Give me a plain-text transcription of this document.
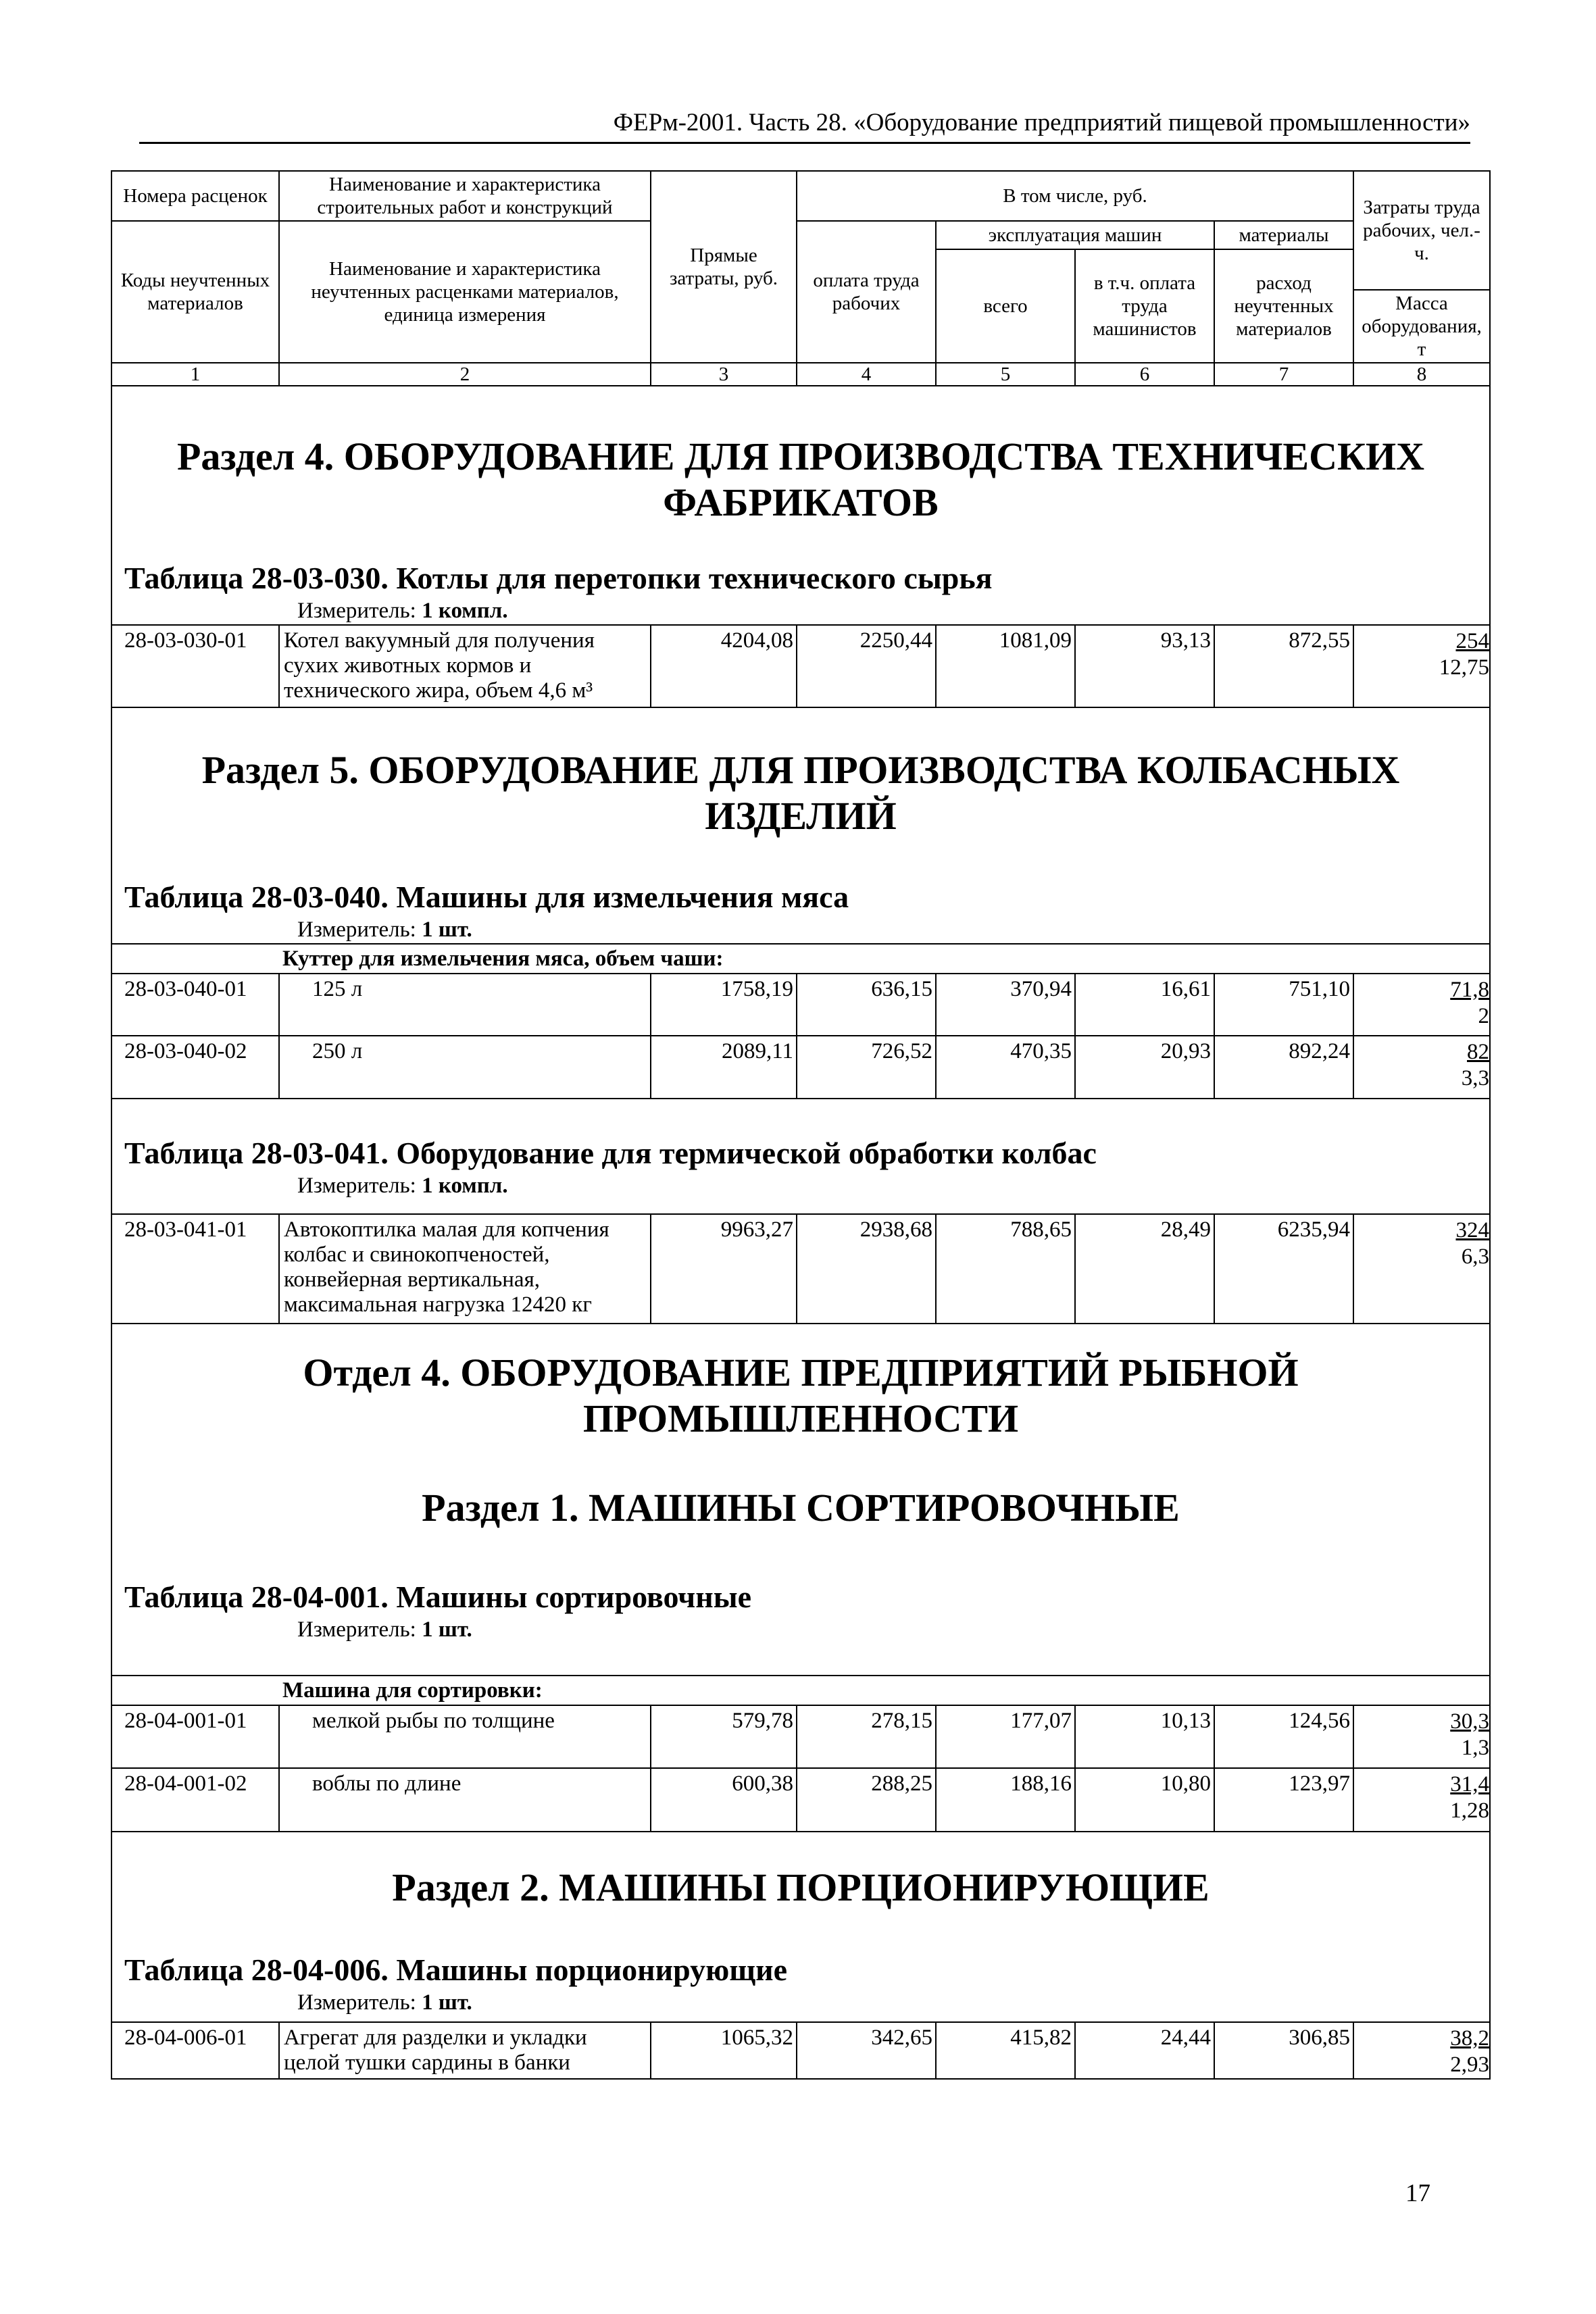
ФЕРм-2001. Часть 28. «Оборудование предприятий пищевой промышленности»
Номера расценок	Наименование и характеристика строительных работ и конструкций	Прямые затраты, руб.	В том числе, руб.				Затраты труда рабочих, чел.-ч.
Коды неучтенных материалов	Наименование и характеристика неучтенных расценками материалов, единица измерения		оплата труда рабочих	эксплуатация машин		материалы	
				всего	в т.ч. оплата труда машинистов	расход неучтенных материалов	
							Масса оборудования, т
1	2	3	4	5	6	7	8

Раздел 4. ОБОРУДОВАНИЕ ДЛЯ ПРОИЗВОДСТВА ТЕХНИЧЕСКИХ ФАБРИКАТОВ
Таблица 28-03-030. Котлы для перетопки технического сырья
Измеритель: 1 компл.							

28-03-030-01	Котел вакуумный для получения сухих животных кормов и технического жира, объем 4,6 м³	4204,08	2250,44	1081,09	93,13	872,55	254
12,75

Раздел 5. ОБОРУДОВАНИЕ ДЛЯ ПРОИЗВОДСТВА КОЛБАСНЫХ ИЗДЕЛИЙ
Таблица 28-03-040. Машины для измельчения мяса
Измеритель: 1 шт.							

Куттер для измельчения мяса, объем чаши:							
28-03-040-01	125 л	1758,19	636,15	370,94	16,61	751,10	71,8
2
28-03-040-02	250 л	2089,11	726,52	470,35	20,93	892,24	82
3,3

Таблица 28-03-041. Оборудование для термической обработки колбас
Измеритель: 1 компл.							

28-03-041-01	Автокоптилка малая для копчения колбас и свинокопченостей, конвейерная вертикальная, максимальная нагрузка 12420 кг	9963,27	2938,68	788,65	28,49	6235,94	324
6,3

Отдел 4. ОБОРУДОВАНИЕ ПРЕДПРИЯТИЙ РЫБНОЙ ПРОМЫШЛЕННОСТИ
Раздел 1. МАШИНЫ СОРТИРОВОЧНЫЕ
Таблица 28-04-001. Машины сортировочные
Измеритель: 1 шт.							

Машина для сортировки:							
28-04-001-01	мелкой рыбы по толщине	579,78	278,15	177,07	10,13	124,56	30,3
1,3
28-04-001-02	воблы по длине	600,38	288,25	188,16	10,80	123,97	31,4
1,28

Раздел 2. МАШИНЫ ПОРЦИОНИРУЮЩИЕ
Таблица 28-04-006. Машины порционирующие
Измеритель: 1 шт.							

28-04-006-01	Агрегат для разделки и укладки целой тушки сардины в банки	1065,32	342,65	415,82	24,44	306,85	38,2
2,93
17
